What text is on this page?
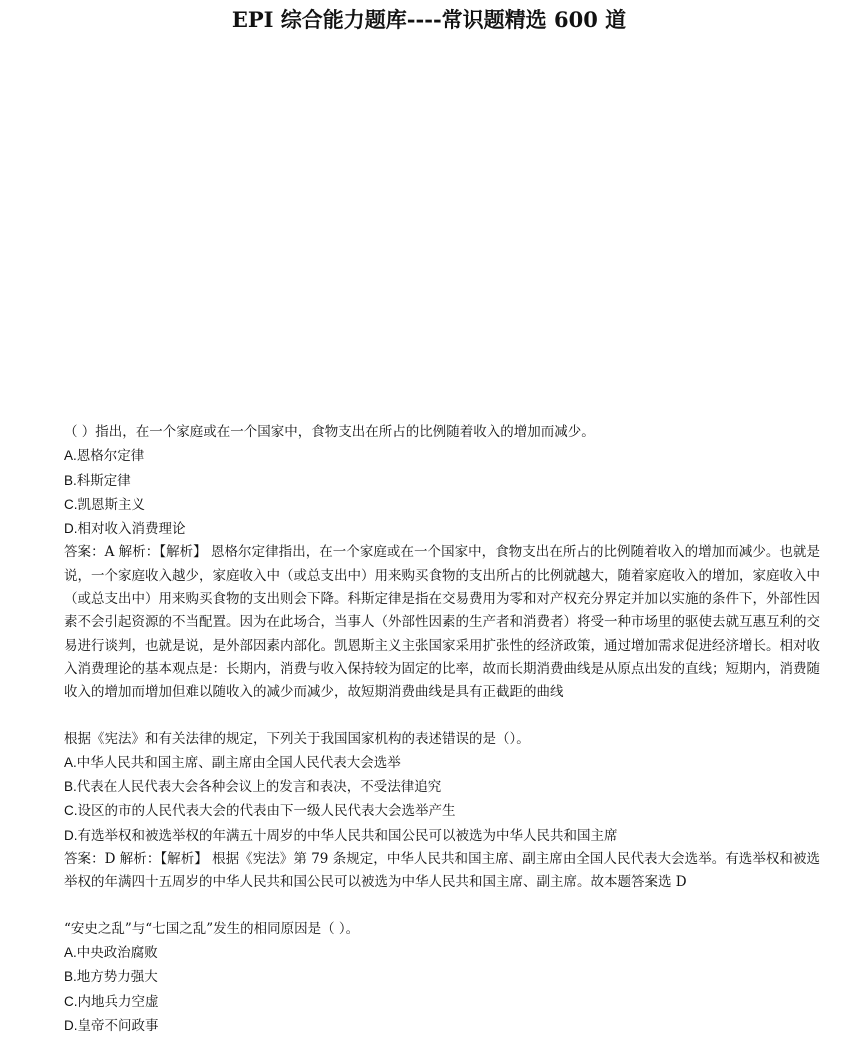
EPI 综合能力题库----常识题精选 600 道
（ ）指出，在一个家庭或在一个国家中，食物支出在所占的比例随着收入的增加而减少。
A.恩格尔定律
B.科斯定律
C.凯恩斯主义
D.相对收入消费理论
答案：A 解析：【解析】 恩格尔定律指出，在一个家庭或在一个国家中，食物支出在所占的比例随着收入的增加而减少。也就是说，一个家庭收入越少，家庭收入中（或总支出中）用来购买食物的支出所占的比例就越大，随着家庭收入的增加，家庭收入中（或总支出中）用来购买食物的支出则会下降。科斯定律是指在交易费用为零和对产权充分界定并加以实施的条件下，外部性因素不会引起资源的不当配置。因为在此场合，当事人（外部性因素的生产者和消费者）将受一种市场里的驱使去就互惠互利的交易进行谈判，也就是说，是外部因素内部化。凯恩斯主义主张国家采用扩张性的经济政策，通过增加需求促进经济增长。相对收入消费理论的基本观点是：长期内，消费与收入保持较为固定的比率，故而长期消费曲线是从原点出发的直线；短期内，消费随收入的增加而增加但难以随收入的减少而减少，故短期消费曲线是具有正截距的曲线
根据《宪法》和有关法律的规定，下列关于我国国家机构的表述错误的是（）。
A.中华人民共和国主席、副主席由全国人民代表大会选举
B.代表在人民代表大会各种会议上的发言和表决，不受法律追究
C.设区的市的人民代表大会的代表由下一级人民代表大会选举产生
D.有选举权和被选举权的年满五十周岁的中华人民共和国公民可以被选为中华人民共和国主席
答案：D 解析：【解析】 根据《宪法》第 79 条规定，中华人民共和国主席、副主席由全国人民代表大会选举。有选举权和被选举权的年满四十五周岁的中华人民共和国公民可以被选为中华人民共和国主席、副主席。故本题答案选 D
“安史之乱”与“七国之乱”发生的相同原因是（ ）。
A.中央政治腐败
B.地方势力强大
C.内地兵力空虚
D.皇帝不问政事
